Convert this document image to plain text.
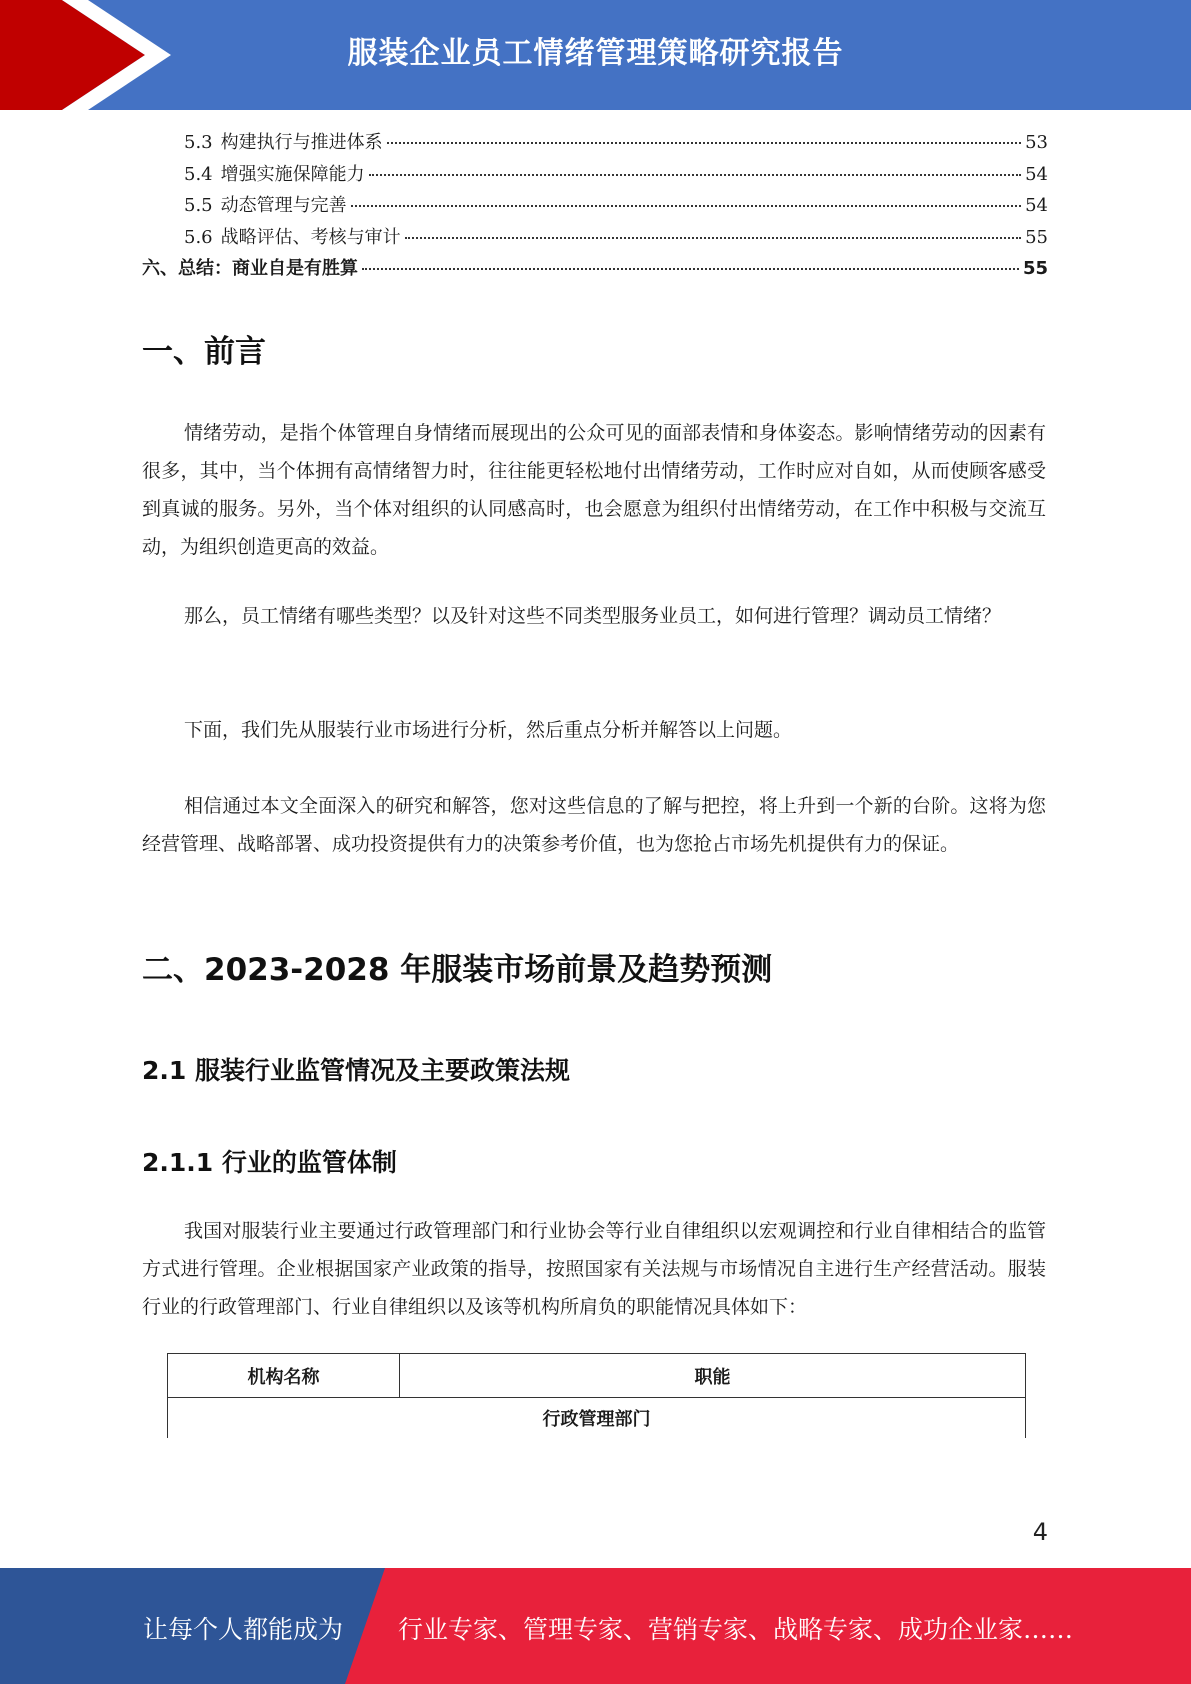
服装企业员工情绪管理策略研究报告
5.3 构建执行与推进体系	53
5.4 增强实施保障能力	54
5.5 动态管理与完善	54
5.6 战略评估、考核与审计	55
六、总结：商业自是有胜算	55
一、前言
情绪劳动，是指个体管理自身情绪而展现出的公众可见的面部表情和身体姿态。影响情绪劳动的因素有很多，其中，当个体拥有高情绪智力时，往往能更轻松地付出情绪劳动，工作时应对自如，从而使顾客感受到真诚的服务。另外，当个体对组织的认同感高时，也会愿意为组织付出情绪劳动，在工作中积极与交流互动，为组织创造更高的效益。
那么，员工情绪有哪些类型？以及针对这些不同类型服务业员工，如何进行管理？调动员工情绪？
下面，我们先从服装行业市场进行分析，然后重点分析并解答以上问题。
相信通过本文全面深入的研究和解答，您对这些信息的了解与把控，将上升到一个新的台阶。这将为您经营管理、战略部署、成功投资提供有力的决策参考价值，也为您抢占市场先机提供有力的保证。
二、2023-2028 年服装市场前景及趋势预测
2.1 服装行业监管情况及主要政策法规
2.1.1 行业的监管体制
我国对服装行业主要通过行政管理部门和行业协会等行业自律组织以宏观调控和行业自律相结合的监管方式进行管理。企业根据国家产业政策的指导，按照国家有关法规与市场情况自主进行生产经营活动。服装行业的行政管理部门、行业自律组织以及该等机构所肩负的职能情况具体如下：
机构名称	职能
行政管理部门
4
让每个人都能成为 行业专家、管理专家、营销专家、战略专家、成功企业家……
